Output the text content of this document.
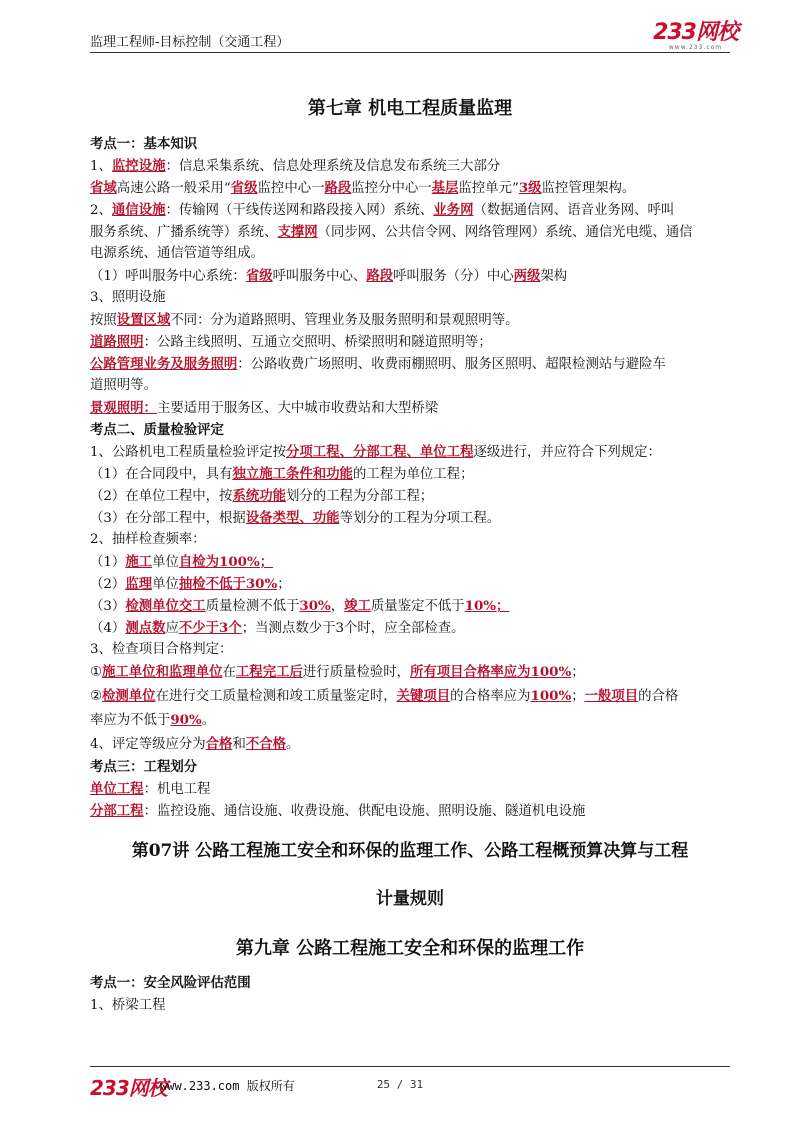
监理工程师-目标控制（交通工程）	233网校
www.233.com
第七章 机电工程质量监理
考点一：基本知识
1、监控设施：信息采集系统、信息处理系统及信息发布系统三大部分
省域高速公路一般采用“省级监控中心一路段监控分中心一基层监控单元”3级监控管理架构。
2、通信设施：传输网（干线传送网和路段接入网）系统、业务网（数据通信网、语音业务网、呼叫
服务系统、广播系统等）系统、支撑网（同步网、公共信令网、网络管理网）系统、通信光电缆、通信
电源系统、通信管道等组成。
（1）呼叫服务中心系统：省级呼叫服务中心、路段呼叫服务（分）中心两级架构
3、照明设施
按照设置区域不同：分为道路照明、管理业务及服务照明和景观照明等。
道路照明：公路主线照明、互通立交照明、桥梁照明和隧道照明等；
公路管理业务及服务照明：公路收费广场照明、收费雨棚照明、服务区照明、超限检测站与避险车
道照明等。
景观照明：主要适用于服务区、大中城市收费站和大型桥梁
考点二、质量检验评定
1、公路机电工程质量检验评定按分项工程、分部工程、单位工程逐级进行，并应符合下列规定：
（1）在合同段中，具有独立施工条件和功能的工程为单位工程；
（2）在单位工程中，按系统功能划分的工程为分部工程；
（3）在分部工程中，根据设备类型、功能等划分的工程为分项工程。
2、抽样检查频率：
（1）施工单位自检为100%；
（2）监理单位抽检不低于30%；
（3）检测单位交工质量检测不低于30%，竣工质量鉴定不低于10%；
（4）测点数应不少于3个；当测点数少于3个时，应全部检查。
3、检查项目合格判定：
①施工单位和监理单位在工程完工后进行质量检验时，所有项目合格率应为100%；
②检测单位在进行交工质量检测和竣工质量鉴定时，关键项目的合格率应为100%；一般项目的合格
率应为不低于90%。
4、评定等级应分为合格和不合格。
考点三：工程划分
单位工程：机电工程
分部工程：监控设施、通信设施、收费设施、供配电设施、照明设施、隧道机电设施
第07讲 公路工程施工安全和环保的监理工作、公路工程概预算决算与工程
计量规则
第九章 公路工程施工安全和环保的监理工作
考点一：安全风险评估范围
1、桥梁工程
233网校
www.233.com 版权所有	25 / 31
